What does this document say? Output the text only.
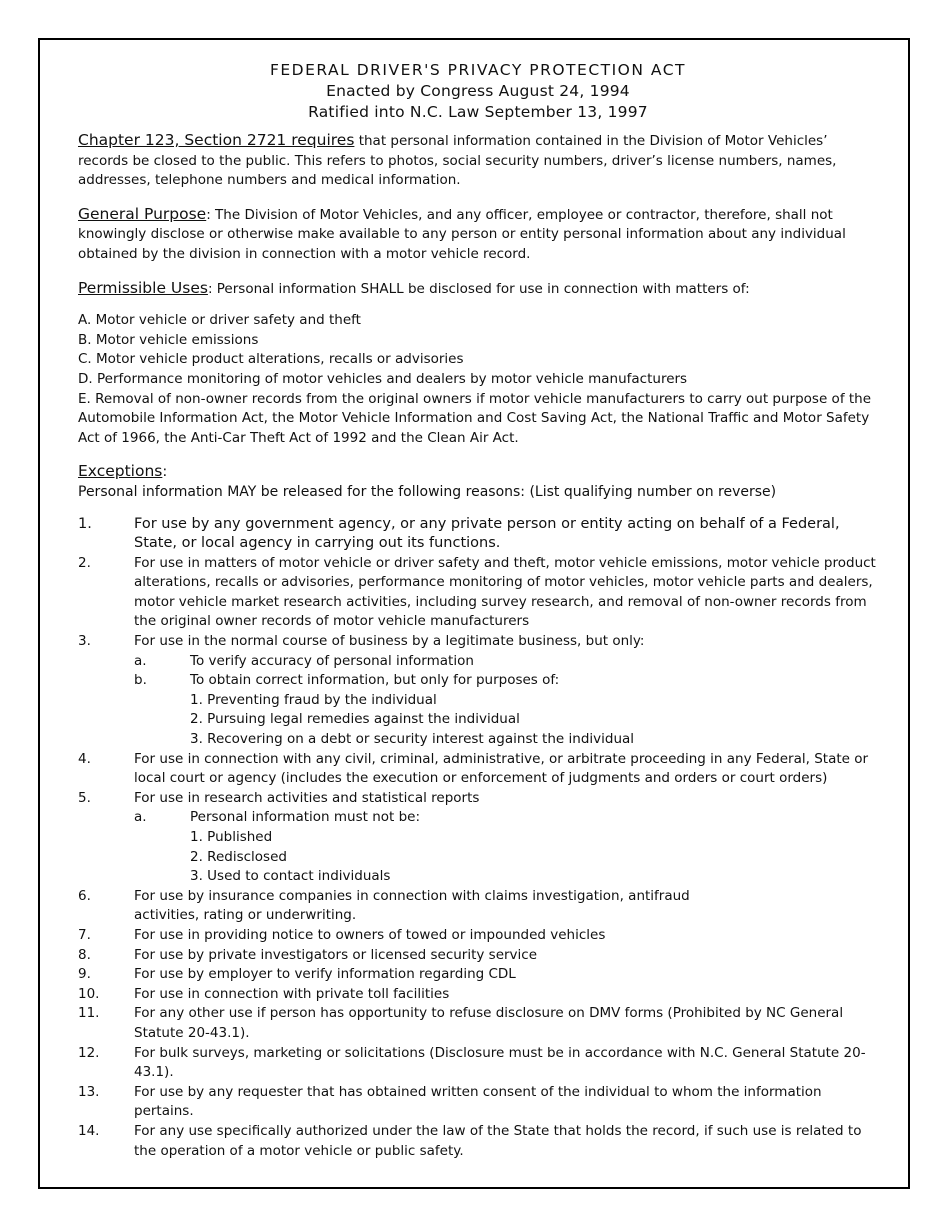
FEDERAL DRIVER'S PRIVACY PROTECTION ACT
Enacted by Congress August 24, 1994
Ratified into N.C. Law September 13, 1997

Chapter 123, Section 2721 requires that personal information contained in the Division of Motor Vehicles’ records be closed to the public. This refers to photos, social security numbers, driver’s license numbers, names, addresses, telephone numbers and medical information.

General Purpose: The Division of Motor Vehicles, and any officer, employee or contractor, therefore, shall not knowingly disclose or otherwise make available to any person or entity personal information about any individual obtained by the division in connection with a motor vehicle record.

Permissible Uses: Personal information SHALL be disclosed for use in connection with matters of:

A. Motor vehicle or driver safety and theft
B. Motor vehicle emissions
C. Motor vehicle product alterations, recalls or advisories
D. Performance monitoring of motor vehicles and dealers by motor vehicle manufacturers
E. Removal of non-owner records from the original owners if motor vehicle manufacturers to carry out purpose of the Automobile Information Act, the Motor Vehicle Information and Cost Saving Act, the National Traffic and Motor Safety Act of 1966, the Anti-Car Theft Act of 1992 and the Clean Air Act.
Exceptions:
Personal information MAY be released for the following reasons: (List qualifying number on reverse)
1.	For use by any government agency, or any private person or entity acting on behalf of a Federal, State, or local agency in carrying out its functions.
2.	For use in matters of motor vehicle or driver safety and theft, motor vehicle emissions, motor vehicle product alterations, recalls or advisories, performance monitoring of motor vehicles, motor vehicle parts and dealers, motor vehicle market research activities, including survey research, and removal of non-owner records from the original owner records of motor vehicle manufacturers
3.	For use in the normal course of business by a legitimate business, but only:
a.	To verify accuracy of personal information
b.	To obtain correct information, but only for purposes of:
1. Preventing fraud by the individual
2. Pursuing legal remedies against the individual
3. Recovering on a debt or security interest against the individual
4.	For use in connection with any civil, criminal, administrative, or arbitrate proceeding in any Federal, State or local court or agency (includes the execution or enforcement of judgments and orders or court orders)
5.	For use in research activities and statistical reports
a.	Personal information must not be:
1. Published
2. Redisclosed
3. Used to contact individuals
6.	For use by insurance companies in connection with claims investigation, antifraud
activities, rating or underwriting.
7.	For use in providing notice to owners of towed or impounded vehicles
8.	For use by private investigators or licensed security service
9.	For use by employer to verify information regarding CDL
10.	For use in connection with private toll facilities
11.	For any other use if person has opportunity to refuse disclosure on DMV forms (Prohibited by NC General Statute 20-43.1).
12.	For bulk surveys, marketing or solicitations (Disclosure must be in accordance with N.C. General Statute 20-43.1).
13.	For use by any requester that has obtained written consent of the individual to whom the information pertains.
14.	For any use specifically authorized under the law of the State that holds the record, if such use is related to the operation of a motor vehicle or public safety.
